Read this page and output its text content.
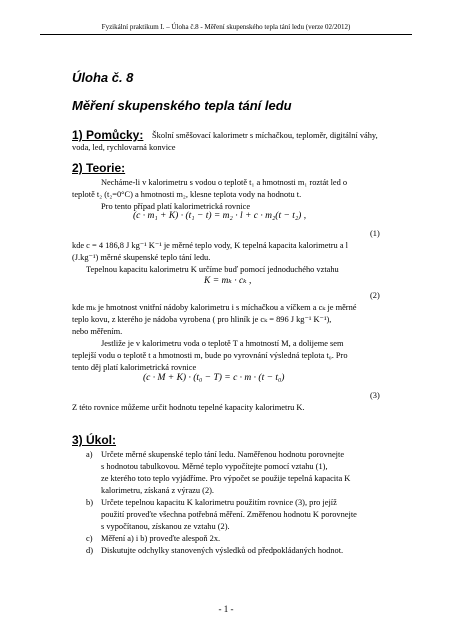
Fyzikální praktikum I. – Úloha č.8 - Měření skupenského tepla tání ledu (verze 02/2012)
Úloha č. 8
Měření skupenského tepla tání ledu
1) Pomůcky: Školní směšovací kalorimetr s míchačkou, teploměr, digitální váhy,
voda, led, rychlovarná konvice
2) Teorie:
Necháme-li v kalorimetru s vodou o teplotě t₁ a hmotnosti m₁ roztát led o
teplotě t₂ (t₂=0°C) a hmotnosti m₂, klesne teplota vody na hodnotu t.
Pro tento případ platí kalorimetrická rovnice
(c · m₁ + K) · (t₁ − t) = m₂ · l + c · m₂(t − t₂) ,
(1)
kde c = 4 186,8 J kg⁻¹ K⁻¹ je měrné teplo vody, K tepelná kapacita kalorimetru a l
(J.kg⁻¹) měrné skupenské teplo tání ledu.
Tepelnou kapacitu kalorimetru K určíme buď pomocí jednoduchého vztahu
K = mₖ · cₖ ,
(2)
kde mₖ je hmotnost vnitřní nádoby kalorimetru i s míchačkou a víčkem a cₖ je měrné
teplo kovu, z kterého je nádoba vyrobena ( pro hliník je cₖ = 896 J kg⁻¹ K⁻¹),
nebo měřením.
Jestliže je v kalorimetru voda o teplotě T a hmotností M, a dolijeme sem
teplejší vodu o teplotě t a hmotnosti m, bude po vyrovnání výsledná teplota t₀. Pro
tento děj platí kalorimetrická rovnice
(c · M + K) · (t₀ − T) = c · m · (t − t₀)
(3)
Z této rovnice můžeme určit hodnotu tepelné kapacity kalorimetru K.
3) Úkol:
a) Určete měrné skupenské teplo tání ledu. Naměřenou hodnotu porovnejte
s hodnotou tabulkovou. Měrné teplo vypočítejte pomocí vztahu (1),
ze kterého toto teplo vyjádříme. Pro výpočet se použije tepelná kapacita K
kalorimetru, získaná z výrazu (2).
b) Určete tepelnou kapacitu K kalorimetru použitím rovnice (3), pro jejíž
použití proveďte všechna potřebná měření. Změřenou hodnotu K porovnejte
s vypočítanou, získanou ze vztahu (2).
c) Měření a) i b) proveďte alespoň 2x.
d) Diskutujte odchylky stanovených výsledků od předpokládaných hodnot.
- 1 -
